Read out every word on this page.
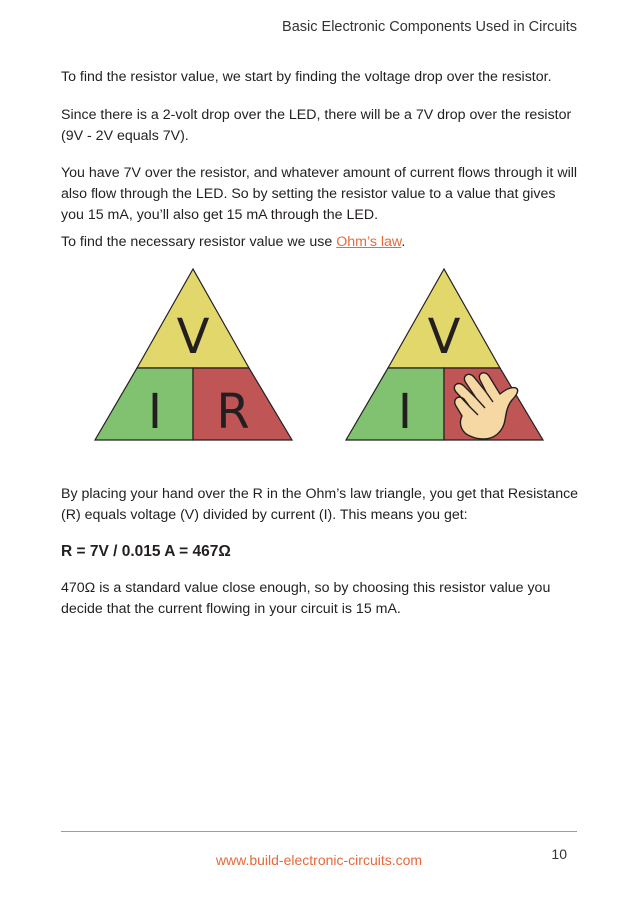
Basic Electronic Components Used in Circuits

To find the resistor value, we start by finding the voltage drop over the resistor.

Since there is a 2-volt drop over the LED, there will be a 7V drop over the resistor (9V - 2V equals 7V).

You have 7V over the resistor, and whatever amount of current flows through it will also flow through the LED. So by setting the resistor value to a value that gives you 15 mA, you’ll also get 15 mA through the LED.

To find the necessary resistor value we use Ohm’s law.

V
I R
V
I

By placing your hand over the R in the Ohm’s law triangle, you get that Resistance (R) equals voltage (V) divided by current (I). This means you get:

R = 7V / 0.015 A = 467Ω

470Ω is a standard value close enough, so by choosing this resistor value you decide that the current flowing in your circuit is 15 mA.

10
www.build-electronic-circuits.com
